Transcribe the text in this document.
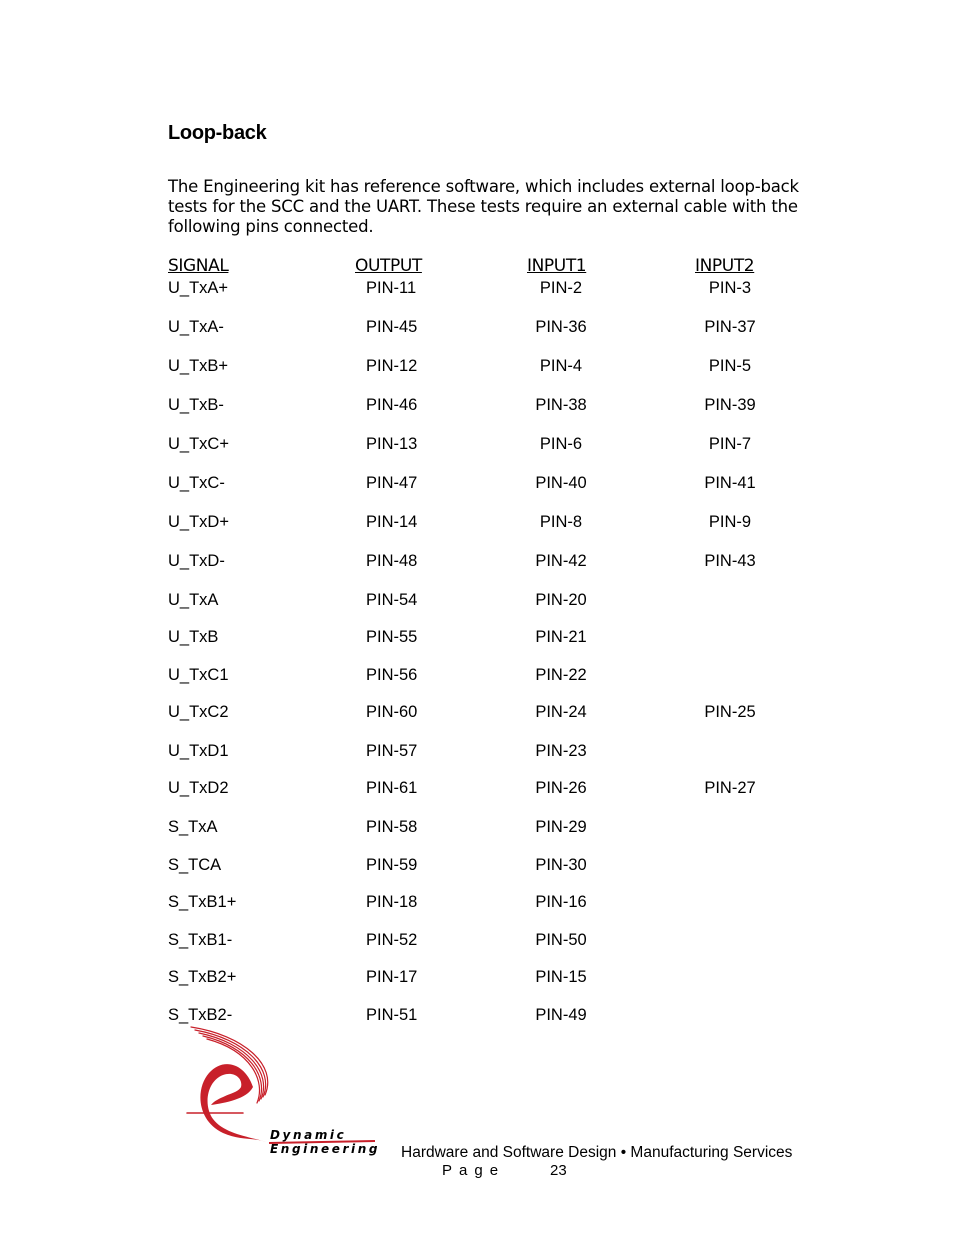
Loop-back
The Engineering kit has reference software, which includes external loop-back tests for the SCC and the UART. These tests require an external cable with the following pins connected.
SIGNAL	OUTPUT	INPUT1	INPUT2
U_TxA+	PIN-11	PIN-2	PIN-3
U_TxA-	PIN-45	PIN-36	PIN-37
U_TxB+	PIN-12	PIN-4	PIN-5
U_TxB-	PIN-46	PIN-38	PIN-39
U_TxC+	PIN-13	PIN-6	PIN-7
U_TxC-	PIN-47	PIN-40	PIN-41
U_TxD+	PIN-14	PIN-8	PIN-9
U_TxD-	PIN-48	PIN-42	PIN-43
U_TxA	PIN-54	PIN-20
U_TxB	PIN-55	PIN-21
U_TxC1	PIN-56	PIN-22
U_TxC2	PIN-60	PIN-24	PIN-25
U_TxD1	PIN-57	PIN-23
U_TxD2	PIN-61	PIN-26	PIN-27
S_TxA	PIN-58	PIN-29
S_TCA	PIN-59	PIN-30
S_TxB1+	PIN-18	PIN-16
S_TxB1-	PIN-52	PIN-50
S_TxB2+	PIN-17	PIN-15
S_TxB2-	PIN-51	PIN-49
Dynamic
Engineering Hardware and Software Design • Manufacturing Services
Page	23
